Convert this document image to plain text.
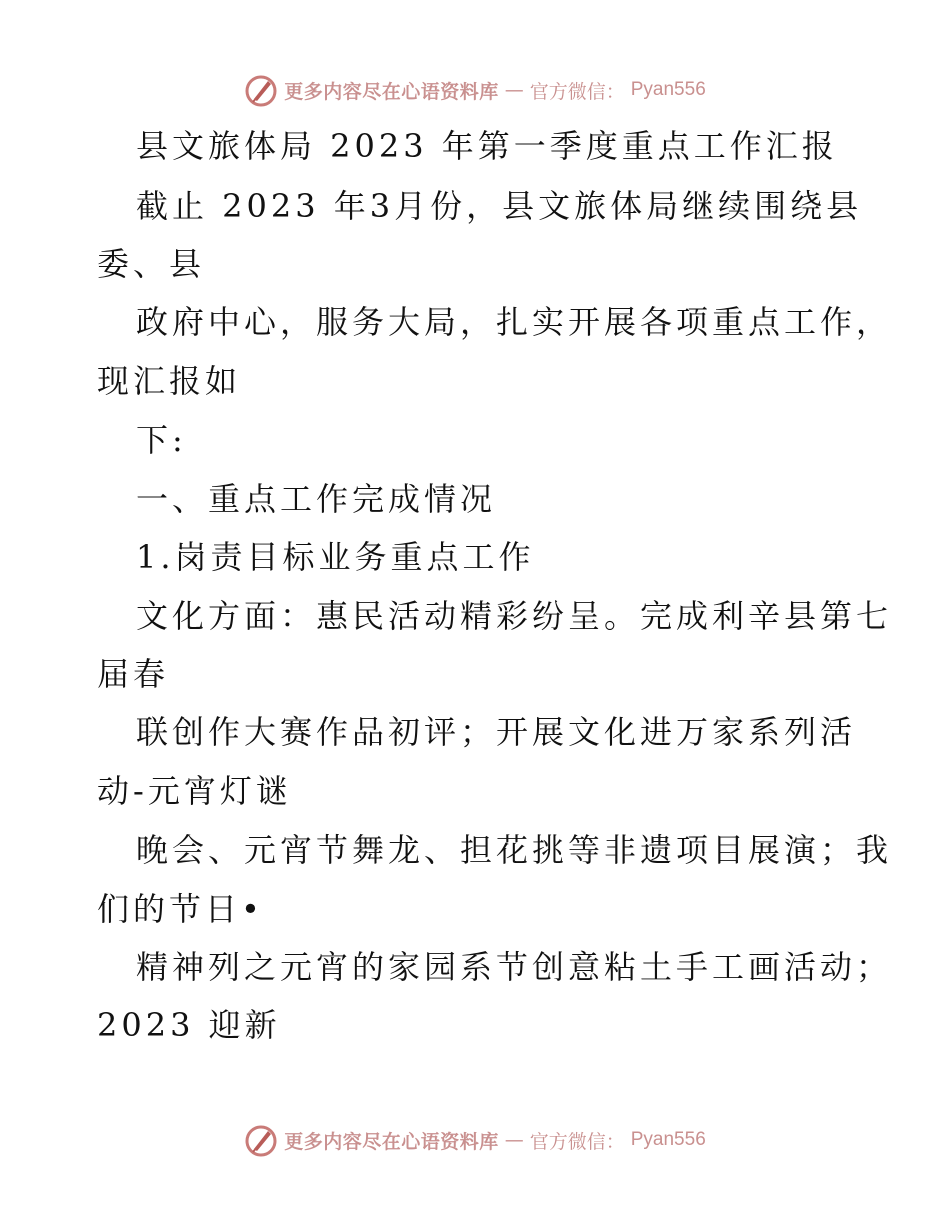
更多内容尽在心语资料库 — 官方微信： Pyan556
县文旅体局 2023 年第一季度重点工作汇报
截止 2023 年3月份，县文旅体局继续围绕县
委、县
政府中心，服务大局，扎实开展各项重点工作，
现汇报如
下:
一、重点工作完成情况
1.岗责目标业务重点工作
文化方面：惠民活动精彩纷呈。完成利辛县第七
届春
联创作大赛作品初评；开展文化进万家系列活
动-元宵灯谜
晚会、元宵节舞龙、担花挑等非遗项目展演；我
们的节日•
精神列之元宵的家园系节创意粘土手工画活动；
2023 迎新
更多内容尽在心语资料库 — 官方微信： Pyan556
